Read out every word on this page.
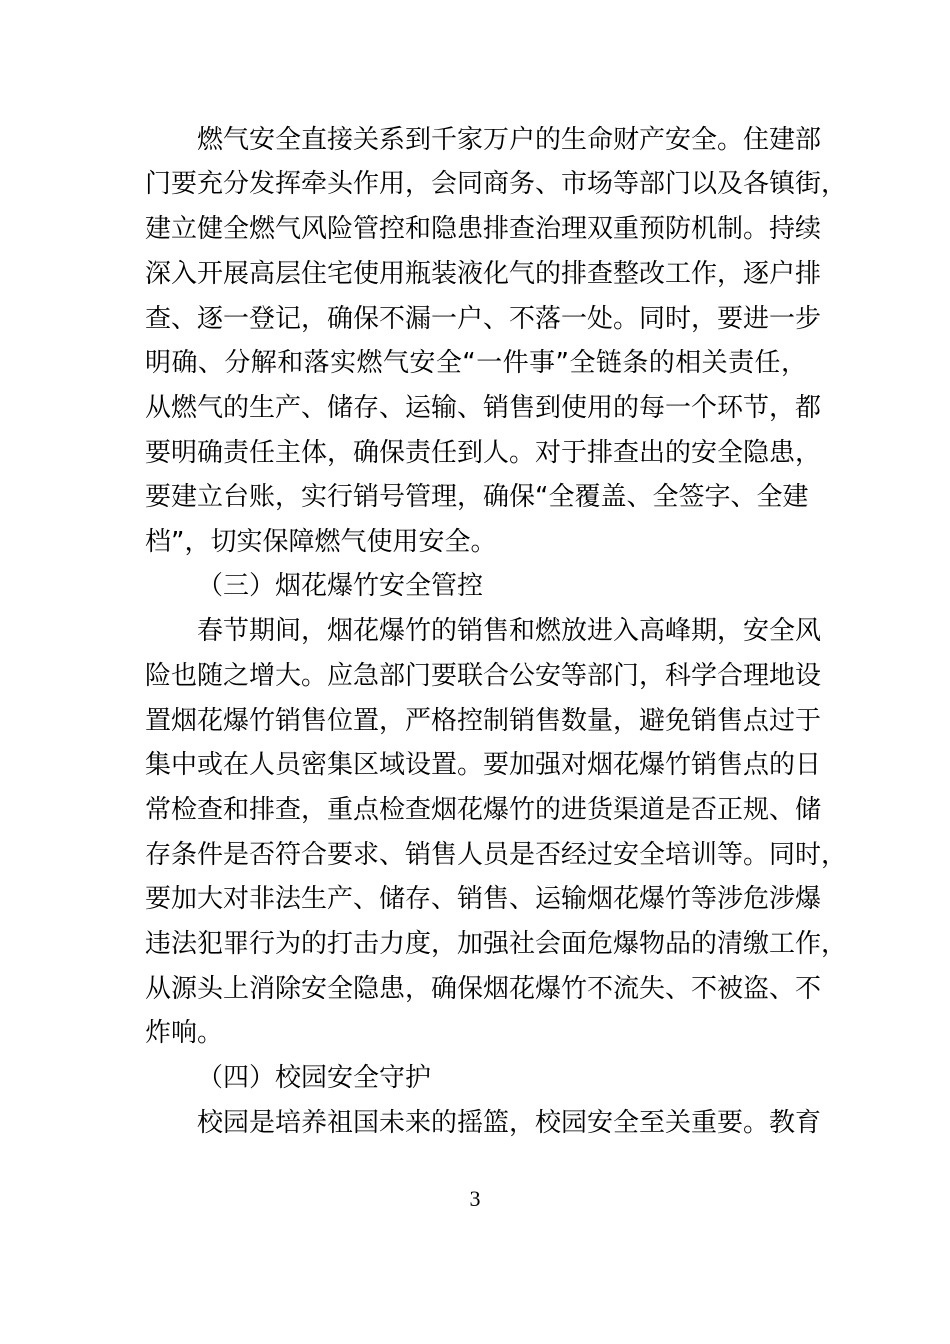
燃气安全直接关系到千家万户的生命财产安全。住建部
门要充分发挥牵头作用，会同商务、市场等部门以及各镇街，
建立健全燃气风险管控和隐患排查治理双重预防机制。持续
深入开展高层住宅使用瓶装液化气的排查整改工作，逐户排
查、逐一登记，确保不漏一户、不落一处。同时，要进一步
明确、分解和落实燃气安全“一件事”全链条的相关责任，
从燃气的生产、储存、运输、销售到使用的每一个环节，都
要明确责任主体，确保责任到人。对于排查出的安全隐患，
要建立台账，实行销号管理，确保“全覆盖、全签字、全建
档”，切实保障燃气使用安全。
（三）烟花爆竹安全管控
春节期间，烟花爆竹的销售和燃放进入高峰期，安全风
险也随之增大。应急部门要联合公安等部门，科学合理地设
置烟花爆竹销售位置，严格控制销售数量，避免销售点过于
集中或在人员密集区域设置。要加强对烟花爆竹销售点的日
常检查和排查，重点检查烟花爆竹的进货渠道是否正规、储
存条件是否符合要求、销售人员是否经过安全培训等。同时，
要加大对非法生产、储存、销售、运输烟花爆竹等涉危涉爆
违法犯罪行为的打击力度，加强社会面危爆物品的清缴工作，
从源头上消除安全隐患，确保烟花爆竹不流失、不被盗、不
炸响。
（四）校园安全守护
校园是培养祖国未来的摇篮，校园安全至关重要。教育
3
